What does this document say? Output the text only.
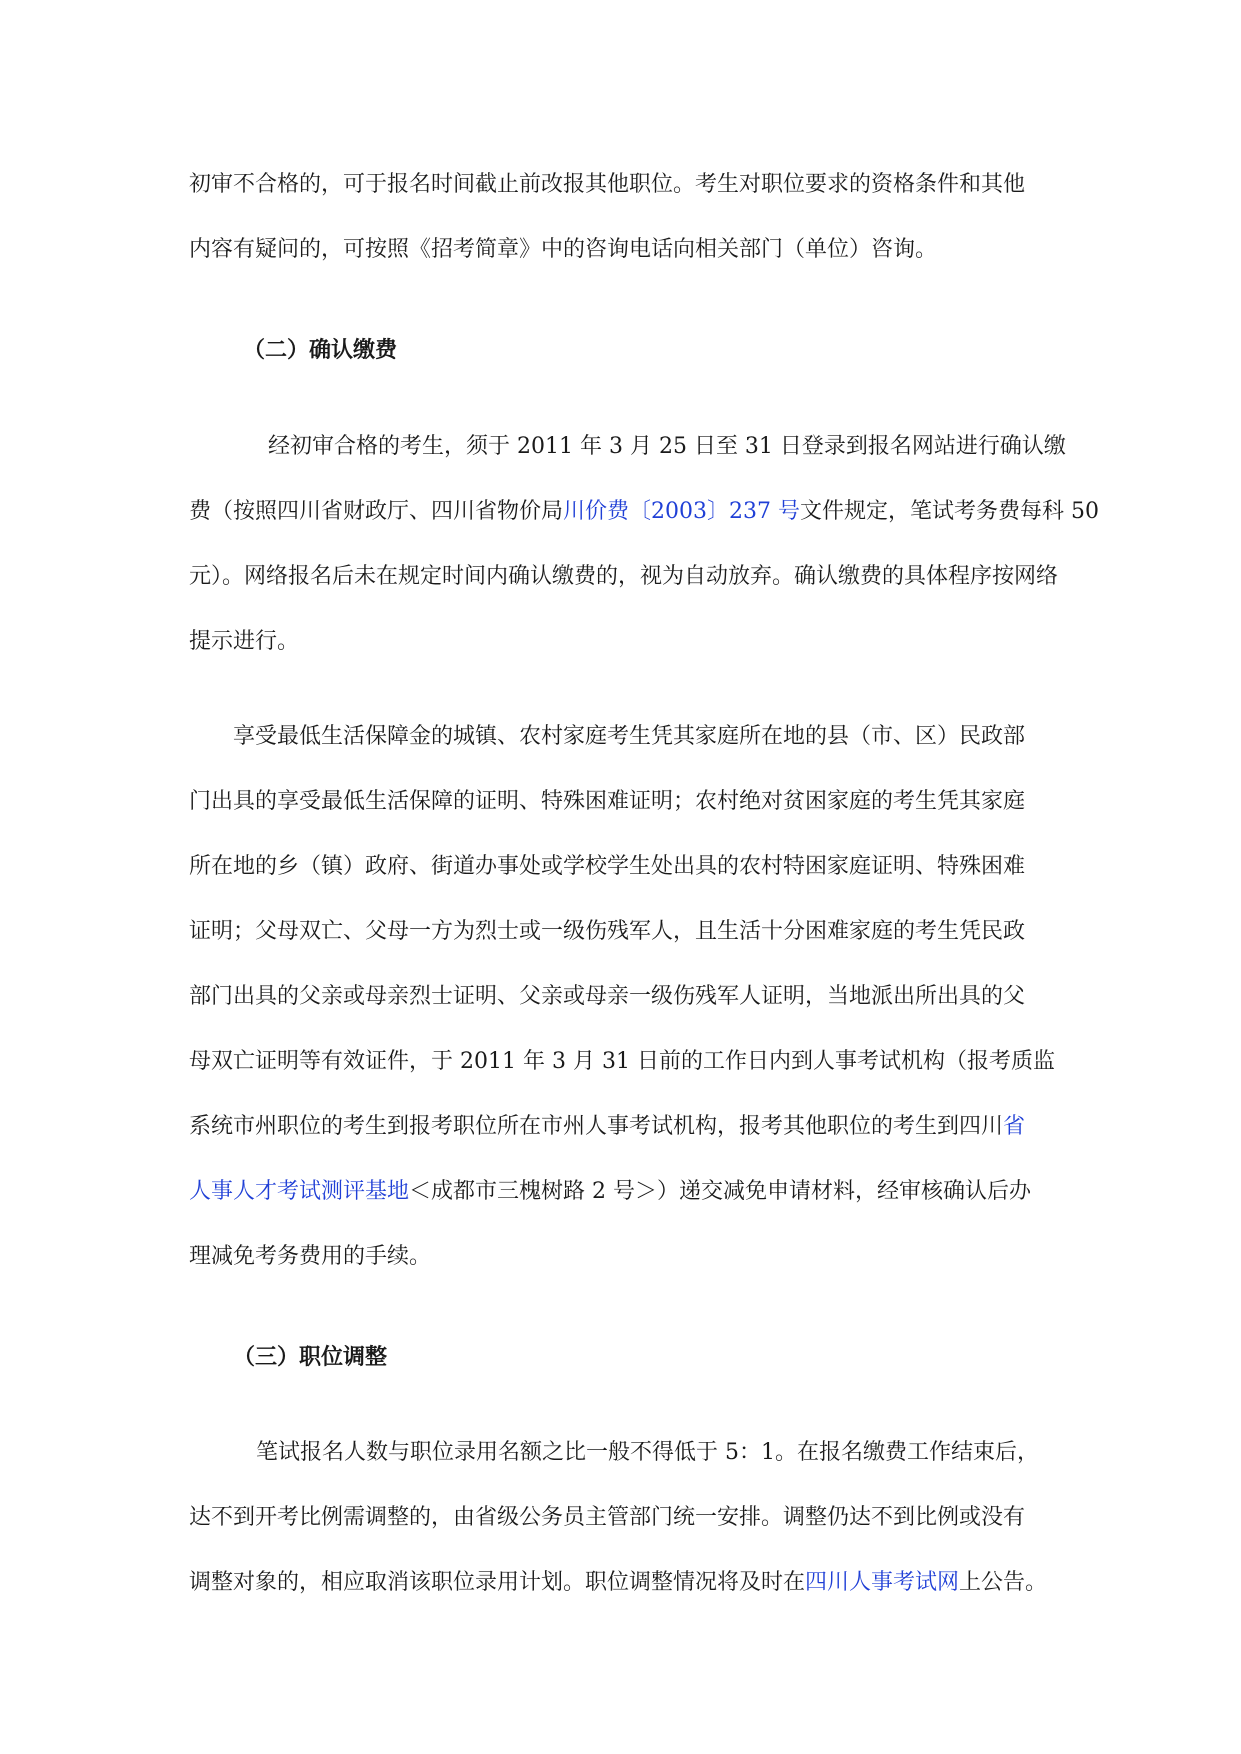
初审不合格的，可于报名时间截止前改报其他职位。考生对职位要求的资格条件和其他
内容有疑问的，可按照《招考简章》中的咨询电话向相关部门（单位）咨询。
（二）确认缴费
经初审合格的考生，须于 2011 年 3 月 25 日至 31 日登录到报名网站进行确认缴
费（按照四川省财政厅、四川省物价局川价费〔2003〕237 号文件规定，笔试考务费每科 50
元）。网络报名后未在规定时间内确认缴费的，视为自动放弃。确认缴费的具体程序按网络
提示进行。
享受最低生活保障金的城镇、农村家庭考生凭其家庭所在地的县（市、区）民政部
门出具的享受最低生活保障的证明、特殊困难证明；农村绝对贫困家庭的考生凭其家庭
所在地的乡（镇）政府、街道办事处或学校学生处出具的农村特困家庭证明、特殊困难
证明；父母双亡、父母一方为烈士或一级伤残军人，且生活十分困难家庭的考生凭民政
部门出具的父亲或母亲烈士证明、父亲或母亲一级伤残军人证明，当地派出所出具的父
母双亡证明等有效证件，于 2011 年 3 月 31 日前的工作日内到人事考试机构（报考质监
系统市州职位的考生到报考职位所在市州人事考试机构，报考其他职位的考生到四川省
人事人才考试测评基地＜成都市三槐树路 2 号＞）递交减免申请材料，经审核确认后办
理减免考务费用的手续。
（三）职位调整
笔试报名人数与职位录用名额之比一般不得低于 5：1。在报名缴费工作结束后，
达不到开考比例需调整的，由省级公务员主管部门统一安排。调整仍达不到比例或没有
调整对象的，相应取消该职位录用计划。职位调整情况将及时在四川人事考试网上公告。
